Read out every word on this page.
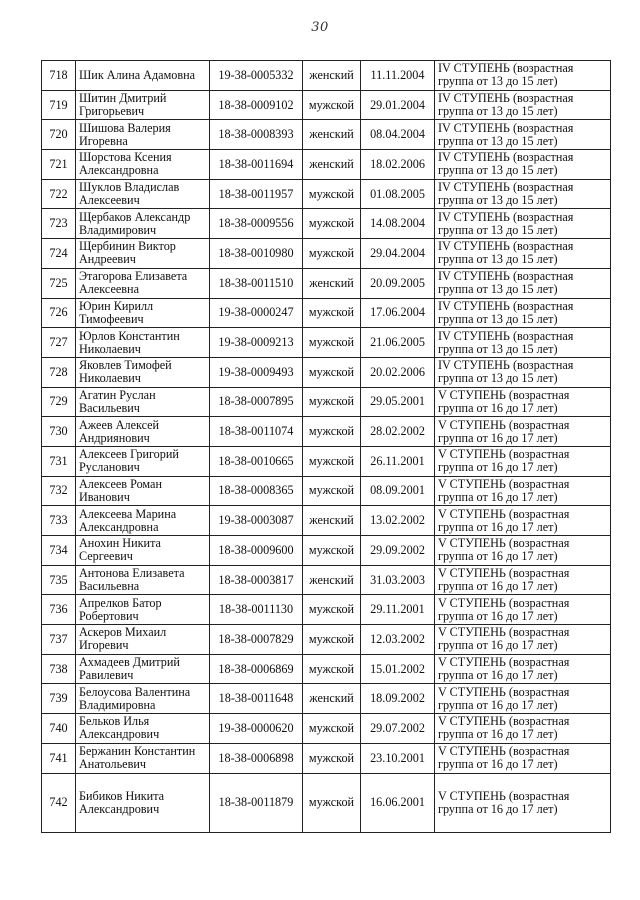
30
718	Шик Алина Адамовна	19-38-0005332	женский	11.11.2004	IV СТУПЕНЬ (возрастная
группа от 13 до 15 лет)

719	Шитин Дмитрий Григорьевич	18-38-0009102	мужской	29.01.2004	IV СТУПЕНЬ (возрастная
группа от 13 до 15 лет)

720	Шишова Валерия Игоревна	18-38-0008393	женский	08.04.2004	IV СТУПЕНЬ (возрастная
группа от 13 до 15 лет)

721	Шорстова Ксения Александровна	18-38-0011694	женский	18.02.2006	IV СТУПЕНЬ (возрастная
группа от 13 до 15 лет)

722	Шуклов Владислав Алексеевич	18-38-0011957	мужской	01.08.2005	IV СТУПЕНЬ (возрастная
группа от 13 до 15 лет)

723	Щербаков Александр Владимирович	18-38-0009556	мужской	14.08.2004	IV СТУПЕНЬ (возрастная
группа от 13 до 15 лет)

724	Щербинин Виктор Андреевич	18-38-0010980	мужской	29.04.2004	IV СТУПЕНЬ (возрастная
группа от 13 до 15 лет)

725	Этагорова Елизавета Алексеевна	18-38-0011510	женский	20.09.2005	IV СТУПЕНЬ (возрастная
группа от 13 до 15 лет)

726	Юрин Кирилл Тимофеевич	19-38-0000247	мужской	17.06.2004	IV СТУПЕНЬ (возрастная
группа от 13 до 15 лет)

727	Юрлов Константин Николаевич	19-38-0009213	мужской	21.06.2005	IV СТУПЕНЬ (возрастная
группа от 13 до 15 лет)

728	Яковлев Тимофей Николаевич	19-38-0009493	мужской	20.02.2006	IV СТУПЕНЬ (возрастная
группа от 13 до 15 лет)

729	Агатин Руслан Васильевич	18-38-0007895	мужской	29.05.2001	V СТУПЕНЬ (возрастная
группа от 16 до 17 лет)

730	Ажеев Алексей Андриянович	18-38-0011074	мужской	28.02.2002	V СТУПЕНЬ (возрастная
группа от 16 до 17 лет)

731	Алексеев Григорий Русланович	18-38-0010665	мужской	26.11.2001	V СТУПЕНЬ (возрастная
группа от 16 до 17 лет)

732	Алексеев Роман Иванович	18-38-0008365	мужской	08.09.2001	V СТУПЕНЬ (возрастная
группа от 16 до 17 лет)

733	Алексеева Марина Александровна	19-38-0003087	женский	13.02.2002	V СТУПЕНЬ (возрастная
группа от 16 до 17 лет)

734	Анохин Никита Сергеевич	18-38-0009600	мужской	29.09.2002	V СТУПЕНЬ (возрастная
группа от 16 до 17 лет)

735	Антонова Елизавета Васильевна	18-38-0003817	женский	31.03.2003	V СТУПЕНЬ (возрастная
группа от 16 до 17 лет)

736	Апрелков Батор Робертович	18-38-0011130	мужской	29.11.2001	V СТУПЕНЬ (возрастная
группа от 16 до 17 лет)

737	Аскеров Михаил Игоревич	18-38-0007829	мужской	12.03.2002	V СТУПЕНЬ (возрастная
группа от 16 до 17 лет)

738	Ахмадеев Дмитрий Равилевич	18-38-0006869	мужской	15.01.2002	V СТУПЕНЬ (возрастная
группа от 16 до 17 лет)

739	Белоусова Валентина Владимировна	18-38-0011648	женский	18.09.2002	V СТУПЕНЬ (возрастная
группа от 16 до 17 лет)

740	Бельков Илья Александрович	19-38-0000620	мужской	29.07.2002	V СТУПЕНЬ (возрастная
группа от 16 до 17 лет)

741	Бержанин Константин Анатольевич	18-38-0006898	мужской	23.10.2001	V СТУПЕНЬ (возрастная
группа от 16 до 17 лет)

742	Бибиков Никита Александрович	18-38-0011879	мужской	16.06.2001	V СТУПЕНЬ (возрастная
группа от 16 до 17 лет)
